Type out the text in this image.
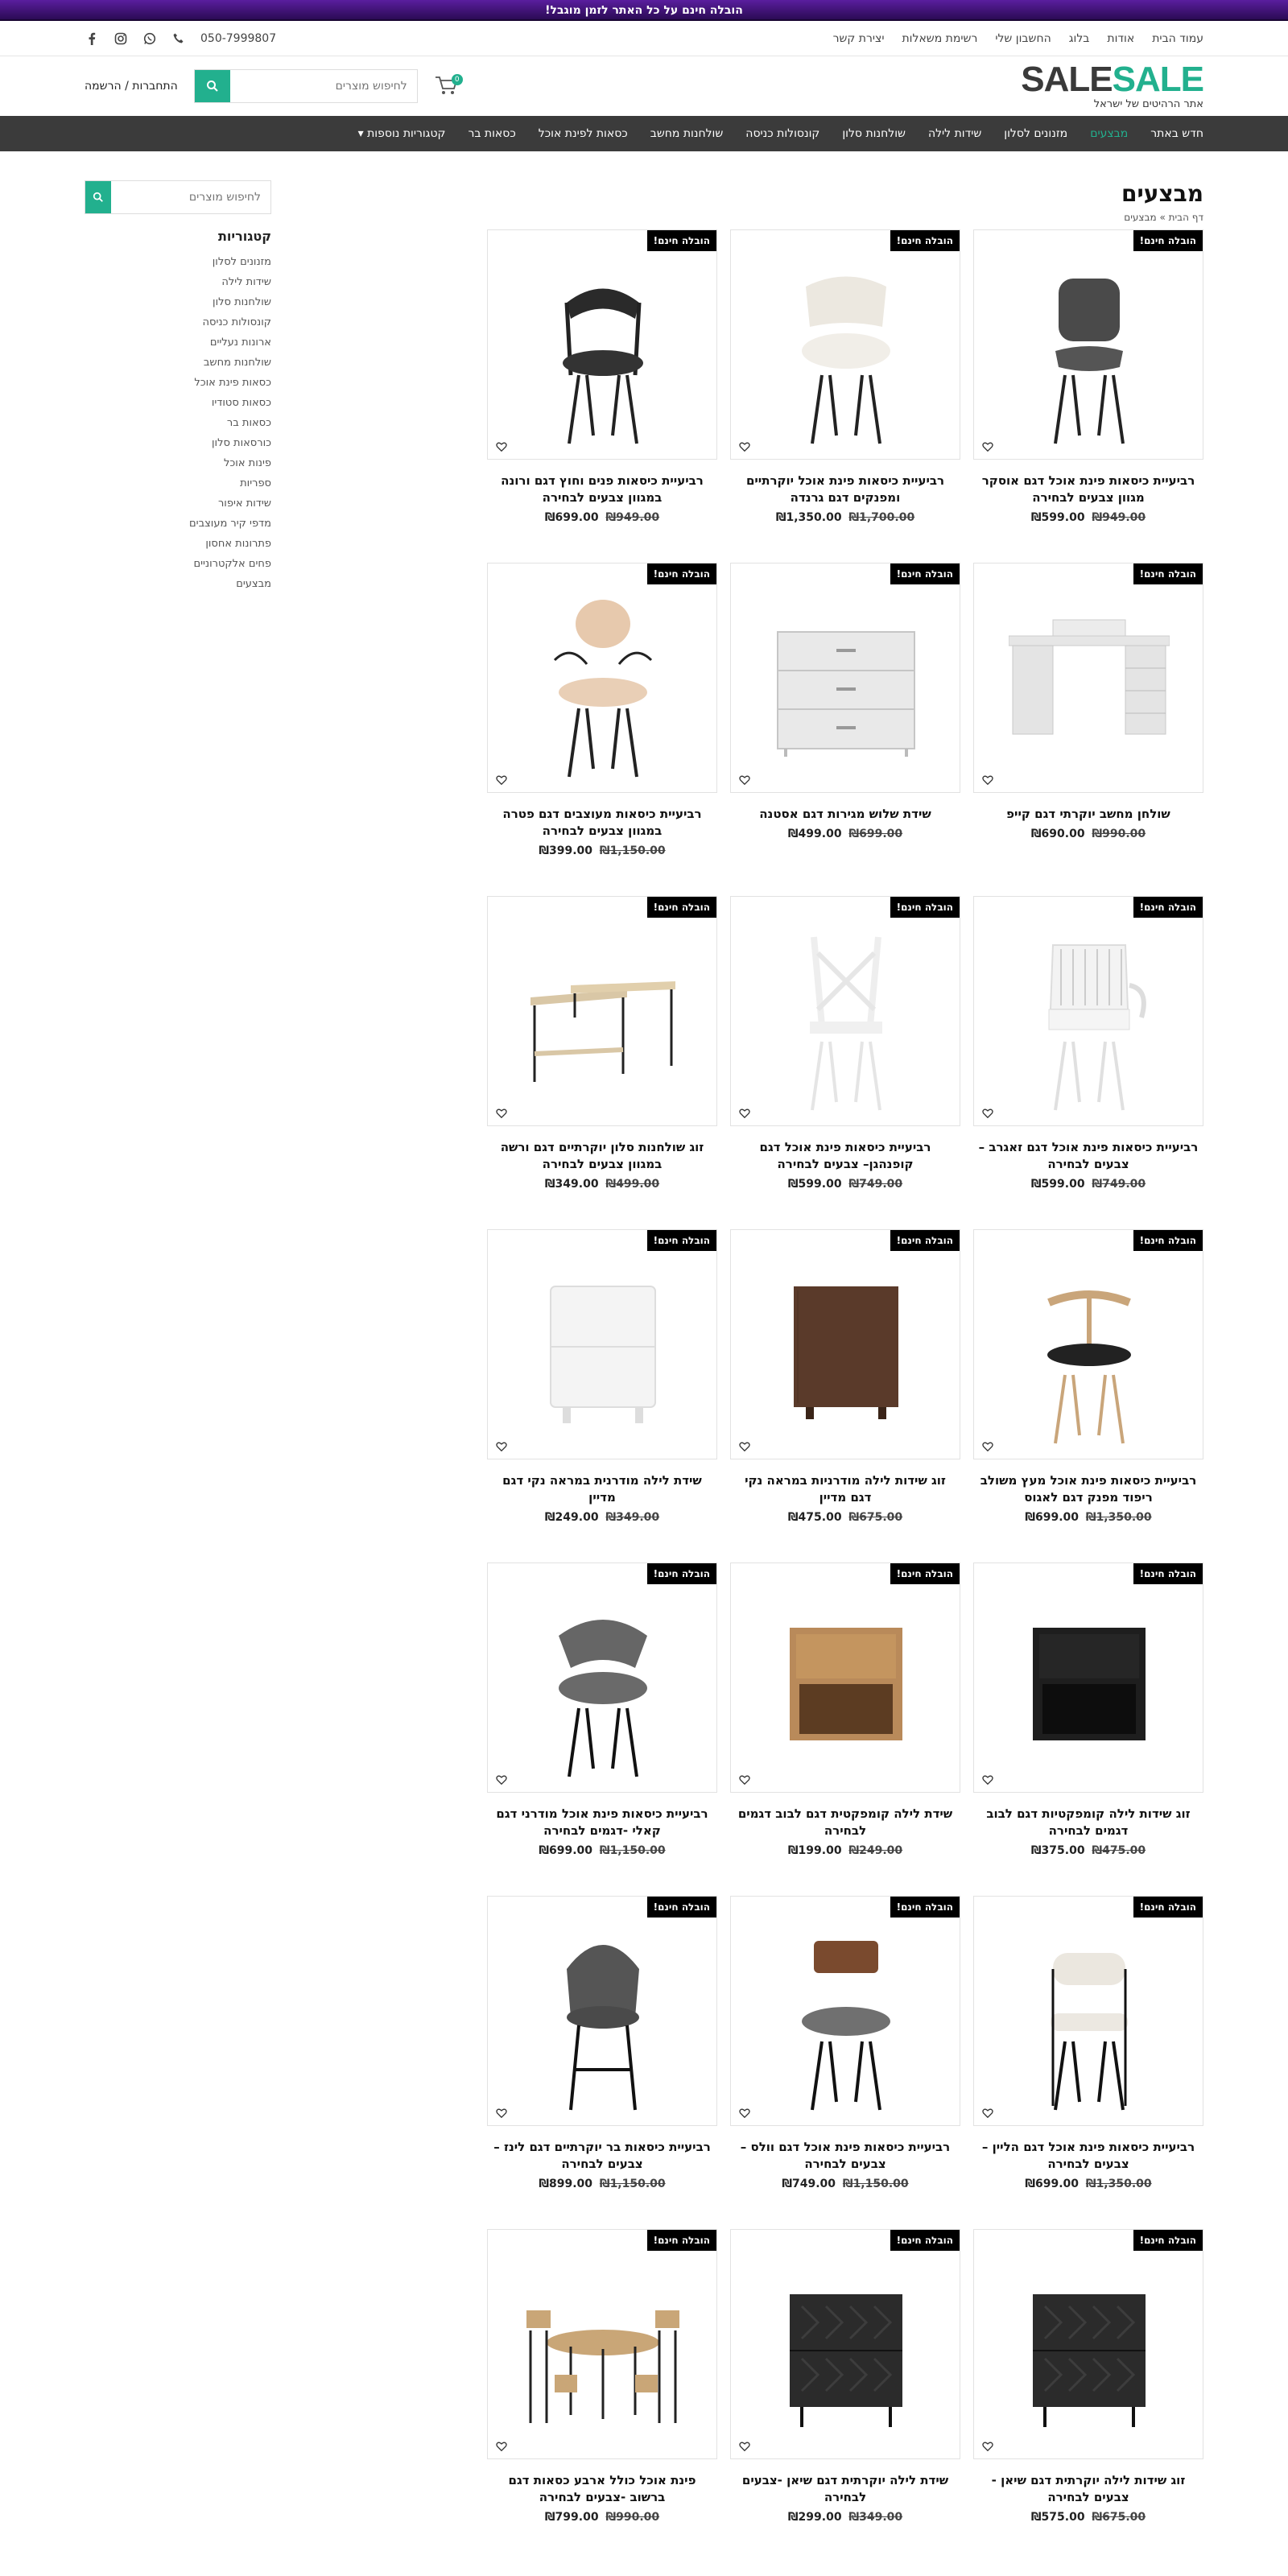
הובלה חינם על כל האתר לזמן מוגבל!
עמוד הבית
אודות
בלוג
החשבון שלי
רשימת משאלות
יצירת קשר
050-7999807
SALESALE
אתר הרהיטים של ישראל
התחברות / הרשמה
לחיפוש מוצרים	0
חדש באתר
מבצעים
מזנונים לסלון
שידות לילה
שולחנות סלון
קונסולות כניסה
שולחנות מחשב
כסאות לפינת אוכל
כסאות בר
קטגוריות נוספות ▾
מבצעים
דף הבית » מבצעים
הובלה חינם!
רביעיית כיסאות פינת אוכל דגם אוסקר מגוון צבעים לבחירה
₪949.00 ₪599.00
הובלה חינם!
רביעיית כיסאות פינת אוכל יוקרתיים ומפנקים דגם גרנדה
₪1,700.00 ₪1,350.00
הובלה חינם!
רביעיית כיסאות פנים וחוץ דגם ורונה במגוון צבעים לבחירה
₪949.00 ₪699.00
הובלה חינם!
שולחן מחשב יוקרתי דגם קייפ
₪990.00 ₪690.00
הובלה חינם!
שידת שלוש מגירות דגם אסטנה
₪699.00 ₪499.00
הובלה חינם!
רביעיית כיסאות מעוצבים דגם פטרה במגוון צבעים לבחירה
₪1,150.00 ₪399.00
הובלה חינם!
רביעיית כיסאות פינת אוכל דגם זאגרב – צבעים לבחירה
₪749.00 ₪599.00
הובלה חינם!
רביעיית כיסאות פינת אוכל דגם קופנהגן– צבעים לבחירה
₪749.00 ₪599.00
הובלה חינם!
זוג שולחנות סלון יוקרתיים דגם ורשה במגוון צבעים לבחירה
₪499.00 ₪349.00
הובלה חינם!
רביעיית כיסאות פינת אוכל מעץ משולב ריפוד מפנק דגם לאגוס
₪1,350.00 ₪699.00
הובלה חינם!
זוג שידות לילה מודרניות במראה נקי דגם מדיין
₪675.00 ₪475.00
הובלה חינם!
שידת לילה מודרנית במראה נקי דגם מדיין
₪349.00 ₪249.00
הובלה חינם!
זוג שידות לילה קומפקטיות דגם לבוב דגמים לבחירה
₪475.00 ₪375.00
הובלה חינם!
שידת לילה קומפקטית דגם לבוב דגמים לבחירה
₪249.00 ₪199.00
הובלה חינם!
רביעיית כיסאות פינת אוכל מודרני דגם קאלי -דגמים לבחירה
₪1,150.00 ₪699.00
הובלה חינם!
רביעיית כיסאות פינת אוכל דגם הליין – צבעים לבחירה
₪1,350.00 ₪699.00
הובלה חינם!
רביעיית כיסאות פינת אוכל דגם וולס – צבעים לבחירה
₪1,150.00 ₪749.00
הובלה חינם!
רביעיית כיסאות בר יוקרתיים דגם לינז – צבעים לבחירה
₪1,150.00 ₪899.00
הובלה חינם!
זוג שידות לילה יוקרתית דגם שיאן -צבעים לבחירה
₪675.00 ₪575.00
הובלה חינם!
שידת לילה יוקרתית דגם שיאן -צבעים לבחירה
₪349.00 ₪299.00
הובלה חינם!
פינת אוכל כולל ארבע כסאות דגם ברשוב -צבעים לבחירה
₪990.00 ₪799.00
לחיפוש מוצרים
קטגוריות
מזנונים לסלון
שידות לילה
שולחנות סלון
קונסולות כניסה
ארונות נעליים
שולחנות מחשב
כסאות פינת אוכל
כסאות סטודיו
כסאות בר
כורסאות סלון
פינות אוכל
ספריות
שידות איפור
מדפי קיר מעוצבים
פתרונות אחסון
פחים אלקטרוניים
מבצעים
